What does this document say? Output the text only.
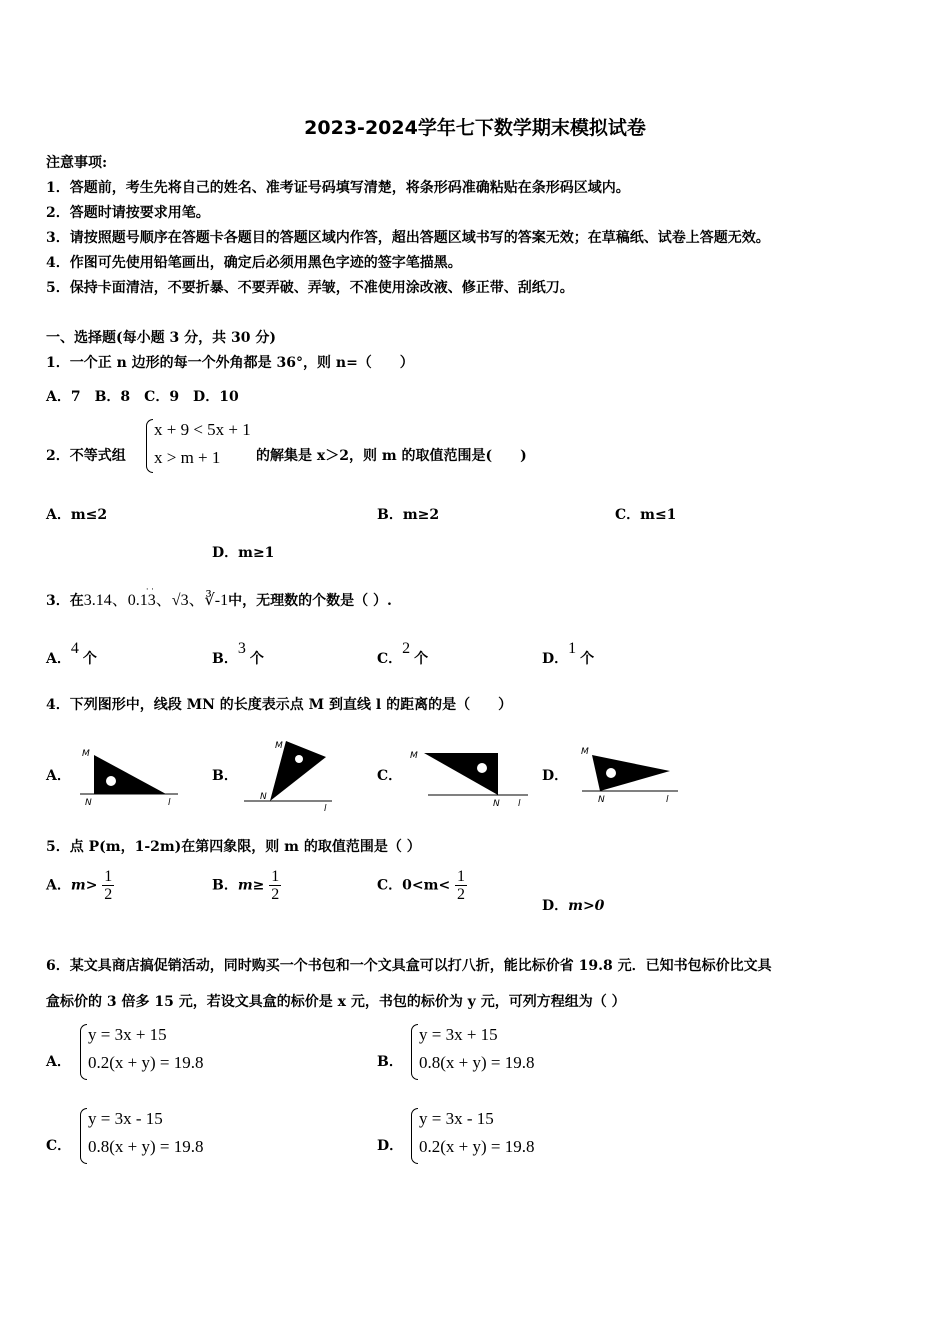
2023-2024学年七下数学期末模拟试卷
注意事项:
1．答题前，考生先将自己的姓名、准考证号码填写清楚，将条形码准确粘贴在条形码区域内。
2．答题时请按要求用笔。
3．请按照题号顺序在答题卡各题目的答题区域内作答，超出答题区域书写的答案无效；在草稿纸、试卷上答题无效。
4．作图可先使用铅笔画出，确定后必须用黑色字迹的签字笔描黑。
5．保持卡面清洁，不要折暴、不要弄破、弄皱，不准使用涂改液、修正带、刮纸刀。
一、选择题(每小题 3 分，共 30 分)
1．一个正 n 边形的每一个外角都是 36°，则 n=（　　）
A．7　B．8　C．9　D．10
2．不等式组
x + 9 < 5x + 1
x > m + 1	的解集是 x＞2，则 m 的取值范围是(　　)
A．m≤2	B．m≥2	C．m≤1
D．m≥1
3．在3.14、0.13、
· ·
√3、∛-1中，无理数的个数是（ ）.
A．4个	B．3个	C．2个	D．1个
4．下列图形中，线段 MN 的长度表示点 M 到直线 l 的距离的是（　　）
A．	B．	C．	D．
M
N	l
M
N
l
M
N l
M
N	l
5．点 P(m，1-2m)在第四象限，则 m 的取值范围是（ ）
A．$m> \frac{1}{2}$	B．$m\ge \frac{1}{2}$	C．$0<m< \frac{1}{2}$
D．m>0
6．某文具商店搞促销活动，同时购买一个书包和一个文具盒可以打八折，能比标价省 19.8 元．已知书包标价比文具
盒标价的 3 倍多 15 元，若设文具盒的标价是 x 元，书包的标价为 y 元，可列方程组为（ ）
A．
y = 3x + 15
0.2(x + y) = 19.8	B．
y = 3x + 15
0.8(x + y) = 19.8
C．
y = 3x - 15
0.8(x + y) = 19.8	D．
y = 3x - 15
0.2(x + y) = 19.8
